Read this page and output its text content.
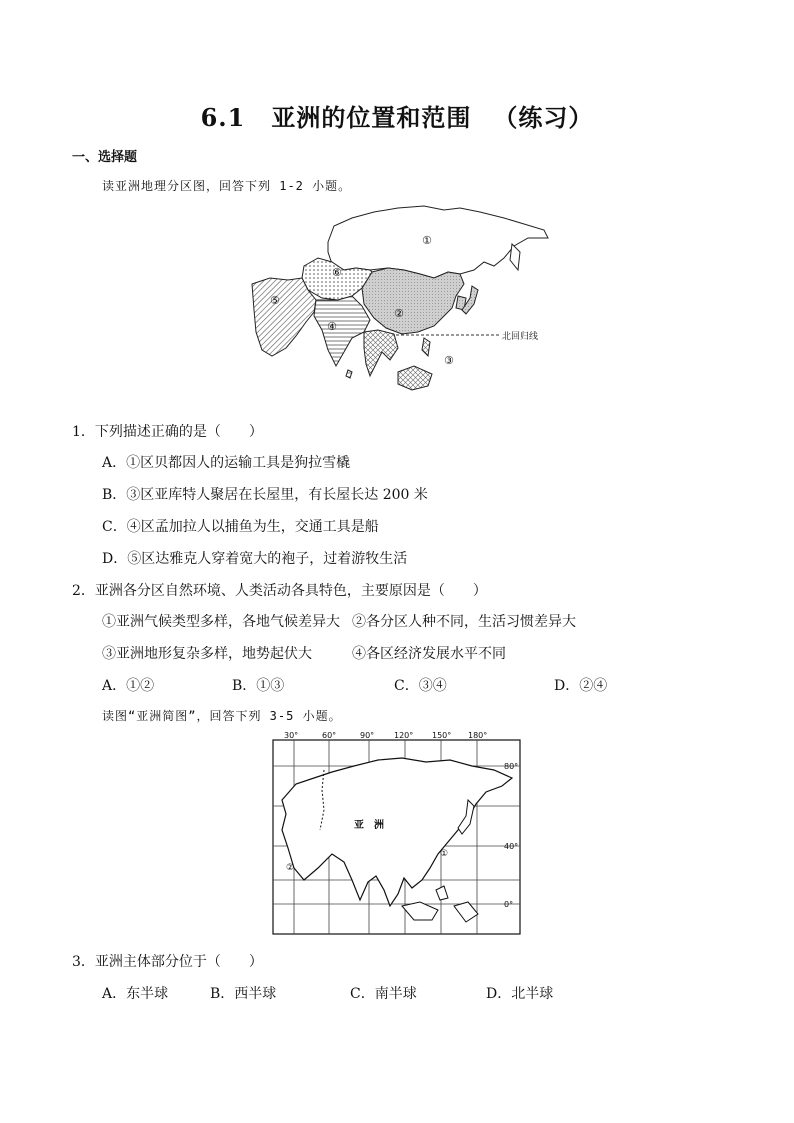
6.1 亚洲的位置和范围 （练习）
一、选择题
读亚洲地理分区图，回答下列 1-2 小题。
北回归线
①
②
③
④
⑤
⑥
1．下列描述正确的是（　　）
A．①区贝都因人的运输工具是狗拉雪橇
B．③区亚库特人聚居在长屋里，有长屋长达 200 米
C．④区孟加拉人以捕鱼为生，交通工具是船
D．⑤区达雅克人穿着宽大的袍子，过着游牧生活
2．亚洲各分区自然环境、人类活动各具特色，主要原因是（　　）
①亚洲气候类型多样，各地气候差异大 ②各分区人种不同，生活习惯差异大
③亚洲地形复杂多样，地势起伏大	④各区经济发展水平不同
A．①②	B．①③	C．③④	D．②④
读图“亚洲简图”，回答下列 3-5 小题。
30°	60°	90° 120° 150° 180°
80°
40°
0°
亚　洲
①
②
3．亚洲主体部分位于（　　）
A．东半球	B．西半球	C．南半球	D．北半球
